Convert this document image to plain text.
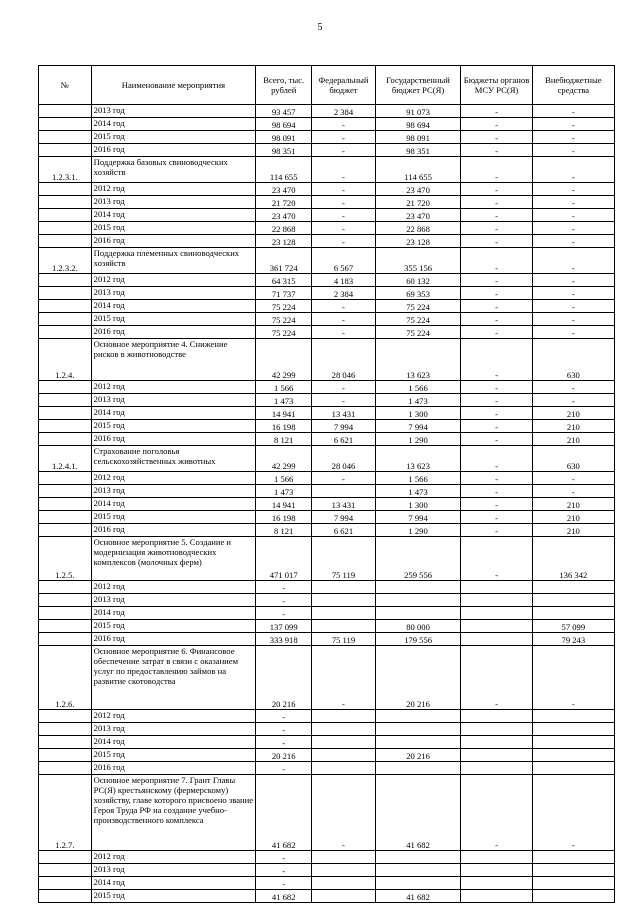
5
№	Наименование мероприятия	Всего, тыс. рублей	Федеральный бюджет	Государственный бюджет РС(Я)	Бюджеты органов МСУ РС(Я)	Внебюджетные средства
	2013 год	93 457	2 384	91 073	-	-
	2014 год	98 694	-	98 694	-	-
	2015 год	98 091	-	98 091	-	-
	2016 год	98 351	-	98 351	-	-
1.2.3.1.	Поддержка базовых свиноводческих хозяйств	114 655	-	114 655	-	-
	2012 год	23 470	-	23 470	-	-
	2013 год	21 720	-	21 720	-	-
	2014 год	23 470	-	23 470	-	-
	2015 год	22 868	-	22 868	-	-
	2016 год	23 128	-	23 128	-	-
1.2.3.2.	Поддержка племенных свиноводческих хозяйств	361 724	6 567	355 156	-	-
	2012 год	64 315	4 183	60 132	-	-
	2013 год	71 737	2 384	69 353	-	-
	2014 год	75 224	-	75 224	-	-
	2015 год	75 224	-	75 224	-	-
	2016 год	75 224	-	75 224	-	-
1.2.4.	Основное мероприятие 4. Снижение рисков в животноводстве	42 299	28 046	13 623	-	630
	2012 год	1 566	-	1 566	-	-
	2013 год	1 473	-	1 473	-	-
	2014 год	14 941	13 431	1 300	-	210
	2015 год	16 198	7 994	7 994	-	210
	2016 год	8 121	6 621	1 290	-	210
1.2.4.1.	Страхование поголовья сельскохозяйственных животных	42 299	28 046	13 623	-	630
	2012 год	1 566	-	1 566	-	-
	2013 год	1 473		1 473	-	-
	2014 год	14 941	13 431	1 300	-	210
	2015 год	16 198	7 994	7 994	-	210
	2016 год	8 121	6 621	1 290	-	210
1.2.5.	Основное мероприятие 5. Создание и модернизация животноводческих комплексов (молочных ферм)	471 017	75 119	259 556	-	136 342
	2012 год	-				
	2013 год	-				
	2014 год	-				
	2015 год	137 099		80 000		57 099
	2016 год	333 918	75 119	179 556		79 243
1.2.6.	Основное мероприятие 6. Финансовое обеспечение затрат в связи с оказанием услуг по предоставлению займов на развитие скотоводства	20 216	-	20 216	-	-
	2012 год	-				
	2013 год	-				
	2014 год	-				
	2015 год	20 216		20 216		
	2016 год	-				
1.2.7.	Основное мероприятие 7. Грант Главы РС(Я) крестьянскому (фермерскому) хозяйству, главе которого присвоено звание Героя Труда РФ на создание учебно-производственного комплекса	41 682	-	41 682	-	-
	2012 год	-				
	2013 год	-				
	2014 год	-				
	2015 год	41 682		41 682		
